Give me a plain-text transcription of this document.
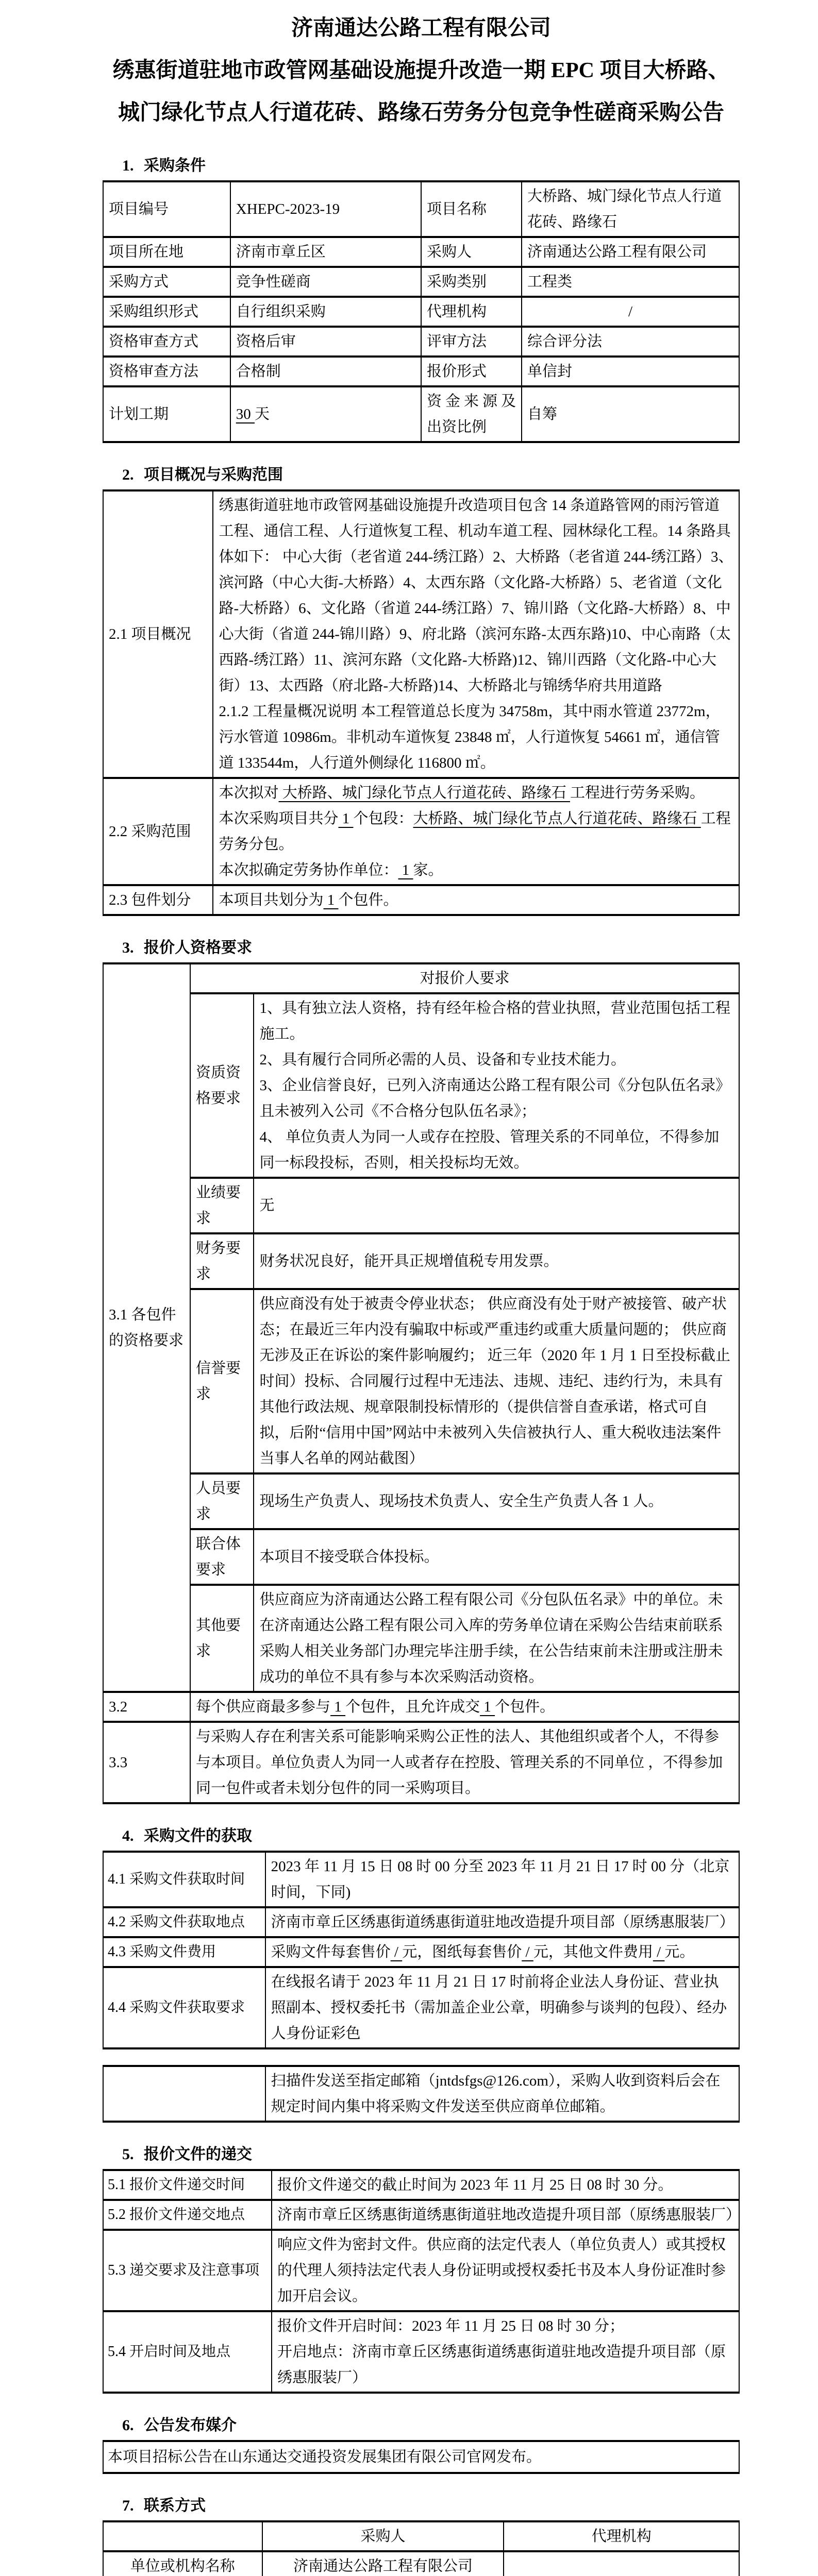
济南通达公路工程有限公司
绣惠街道驻地市政管网基础设施提升改造一期 EPC 项目大桥路、
城门绿化节点人行道花砖、路缘石劳务分包竞争性磋商采购公告
1. 采购条件
项目编号	XHEPC-2023-19	项目名称	大桥路、城门绿化节点人行道花砖、路缘石
项目所在地	济南市章丘区	采购人	济南通达公路工程有限公司
采购方式	竞争性磋商	采购类别	工程类
采购组织形式	自行组织采购	代理机构	/
资格审查方式	资格后审	评审方法	综合评分法
资格审查方法	合格制	报价形式	单信封
计划工期	30 天	资金来源及出资比例	自筹
2. 项目概况与采购范围
2.1 项目概况	绣惠街道驻地市政管网基础设施提升改造项目包含 14 条道路管网的雨污管道工程、通信工程、人行道恢复工程、机动车道工程、园林绿化工程。14 条路具体如下： 中心大街（老省道 244-绣江路）2、大桥路（老省道 244-绣江路）3、滨河路（中心大街-大桥路）4、太西东路（文化路-大桥路）5、老省道（文化路-大桥路）6、文化路（省道 244-绣江路）7、锦川路（文化路-大桥路）8、中心大街（省道 244-锦川路）9、府北路（滨河东路-太西东路)10、中心南路（太西路-绣江路）11、滨河东路（文化路-大桥路)12、锦川西路（文化路-中心大街）13、太西路（府北路-大桥路)14、大桥路北与锦绣华府共用道路

2.1.2 工程量概况说明 本工程管道总长度为 34758m，其中雨水管道 23772m，污水管道 10986m。非机动车道恢复 23848 ㎡，人行道恢复 54661 ㎡，通信管道 133544m，人行道外侧绿化 116800 ㎡。

2.2 采购范围	本次拟对 大桥路、城门绿化节点人行道花砖、路缘石 工程进行劳务采购。

本次采购项目共分 1 个包段：大桥路、城门绿化节点人行道花砖、路缘石 工程劳务分包。

本次拟确定劳务协作单位： 1 家。

2.3 包件划分	本项目共划分为 1 个包件。
3. 报价人资格要求
3.1 各包件
的资格要求	对报价人要求	
	资质资格要求	1、具有独立法人资格，持有经年检合格的营业执照，营业范围包括工程施工。

2、具有履行合同所必需的人员、设备和专业技术能力。

3、企业信誉良好，已列入济南通达公路工程有限公司《分包队伍名录》且未被列入公司《不合格分包队伍名录》；

4、 单位负责人为同一人或存在控股、管理关系的不同单位，不得参加同一标段投标，否则，相关投标均无效。

	业绩要求	无
	财务要求	财务状况良好，能开具正规增值税专用发票。
	信誉要求	供应商没有处于被责令停业状态； 供应商没有处于财产被接管、破产状态；在最近三年内没有骗取中标或严重违约或重大质量问题的； 供应商无涉及正在诉讼的案件影响履约； 近三年（2020 年 1 月 1 日至投标截止时间）投标、合同履行过程中无违法、违规、违纪、违约行为，未具有其他行政法规、规章限制投标情形的（提供信誉自查承诺，格式可自拟，后附“信用中国”网站中未被列入失信被执行人、重大税收违法案件当事人名单的网站截图）
	人员要求	现场生产负责人、现场技术负责人、安全生产负责人各 1 人。
	联合体要求	本项目不接受联合体投标。
	其他要求	供应商应为济南通达公路工程有限公司《分包队伍名录》中的单位。未在济南通达公路工程有限公司入库的劳务单位请在采购公告结束前联系采购人相关业务部门办理完毕注册手续，在公告结束前未注册或注册未成功的单位不具有参与本次采购活动资格。
3.2	每个供应商最多参与 1 个包件，且允许成交 1 个包件。	
3.3	与采购人存在利害关系可能影响采购公正性的法人、其他组织或者个人，不得参与本项目。单位负责人为同一人或者存在控股、管理关系的不同单位 ，不得参加同一包件或者未划分包件的同一采购项目。	
4. 采购文件的获取
4.1 采购文件获取时间	2023 年 11 月 15 日 08 时 00 分至 2023 年 11 月 21 日 17 时 00 分（北京时间，下同)
4.2 采购文件获取地点	济南市章丘区绣惠街道绣惠街道驻地改造提升项目部（原绣惠服装厂）
4.3 采购文件费用	采购文件每套售价 / 元，图纸每套售价 / 元，其他文件费用 / 元。
4.4 采购文件获取要求	在线报名请于 2023 年 11 月 21 日 17 时前将企业法人身份证、营业执照副本、授权委托书（需加盖企业公章，明确参与谈判的包段）、经办人身份证彩色
	扫描件发送至指定邮箱（jntdsfgs@126.com），采购人收到资料后会在规定时间内集中将采购文件发送至供应商单位邮箱。
5. 报价文件的递交
5.1 报价文件递交时间	报价文件递交的截止时间为 2023 年 11 月 25 日 08 时 30 分。
5.2 报价文件递交地点	济南市章丘区绣惠街道绣惠街道驻地改造提升项目部（原绣惠服装厂）
5.3 递交要求及注意事项	响应文件为密封文件。供应商的法定代表人（单位负责人）或其授权的代理人须持法定代表人身份证明或授权委托书及本人身份证准时参加开启会议。
5.4 开启时间及地点	报价文件开启时间：2023 年 11 月 25 日 08 时 30 分；

开启地点：济南市章丘区绣惠街道绣惠街道驻地改造提升项目部（原绣惠服装厂）

6. 公告发布媒介

本项目招标公告在山东通达交通投资发展集团有限公司官网发布。

7. 联系方式
	采购人	代理机构
单位或机构名称	济南通达公路工程有限公司	
